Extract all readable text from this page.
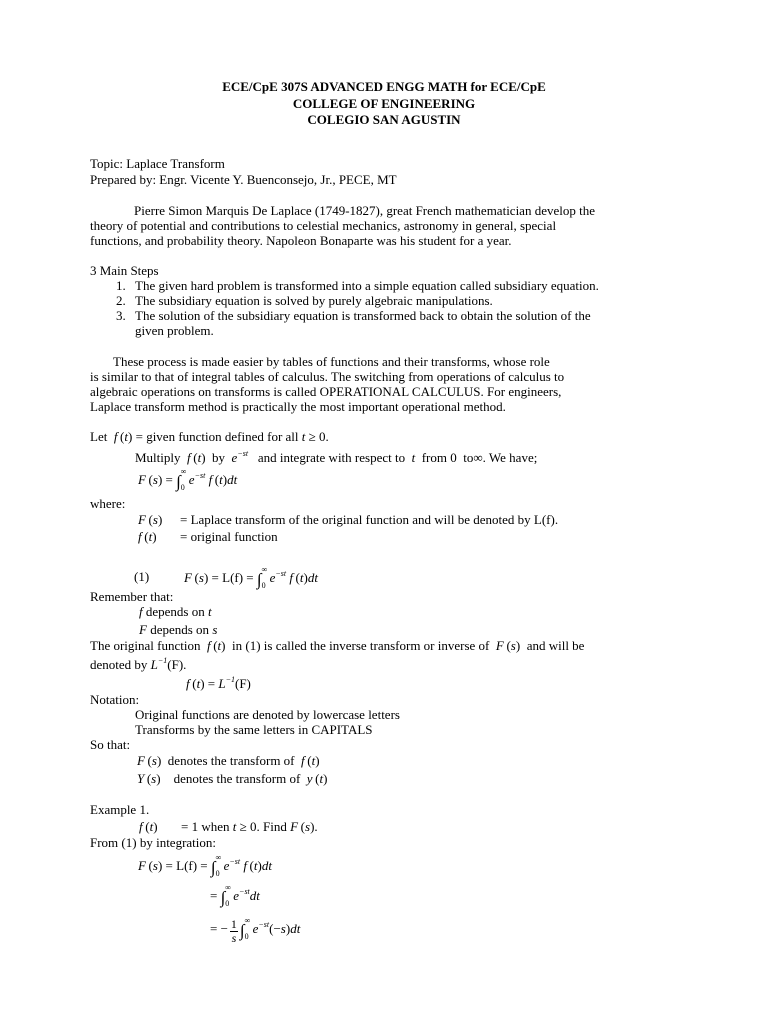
ECE/CpE 307S ADVANCED ENGG MATH for ECE/CpE
COLLEGE OF ENGINEERING
COLEGIO SAN AGUSTIN
Topic: Laplace Transform
Prepared by: Engr. Vicente Y. Buenconsejo, Jr., PECE, MT
Pierre Simon Marquis De Laplace (1749-1827), great French mathematician develop the
theory of potential and contributions to celestial mechanics, astronomy in general, special
functions, and probability theory. Napoleon Bonaparte was his student for a year.
3 Main Steps
1. The given hard problem is transformed into a simple equation called subsidiary equation.
2. The subsidiary equation is solved by purely algebraic manipulations.
3. The solution of the subsidiary equation is transformed back to obtain the solution of the
given problem.
These process is made easier by tables of functions and their transforms, whose role
is similar to that of integral tables of calculus. The switching from operations of calculus to
algebraic operations on transforms is called OPERATIONAL CALCULUS. For engineers,
Laplace transform method is practically the most important operational method.
Let f (t) = given function defined for all t ≥ 0.
Multiply f (t)  by $e^{-st}$ and integrate with respect to t from 0  to∞. We have;
F (s) = ∫
∞
0
$e^{-st}$ f (t)dt
where:
F (s) = Laplace transform of the original function and will be denoted by L(f).
f (t) = original function
(1)	F (s) = L(f) = ∫
∞
0
$e^{-st}$ f (t)dt
Remember that:
f depends on t
F depends on s
The original function f (t)  in (1) is called the inverse transform or inverse of F (s)  and will be
denoted by $L^{-1}(F)$.
f $(t) = L^{-1}(F)$
Notation:
Original functions are denoted by lowercase letters
Transforms by the same letters in CAPITALS
So that:
F (s)  denotes the transform of f (t)
Y (s)    denotes the transform of y (t)
Example 1.
f (t) = 1 when t ≥ 0. Find F (s).
From (1) by integration:
F (s) = L(f) = ∫
∞
0
$e^{-st}$ f (t)dt
= ∫
∞
0
$e^{-st}dt$
= − $\frac{1}{s}$ ∫
∞
0
$e^{-st}(-s)dt$
